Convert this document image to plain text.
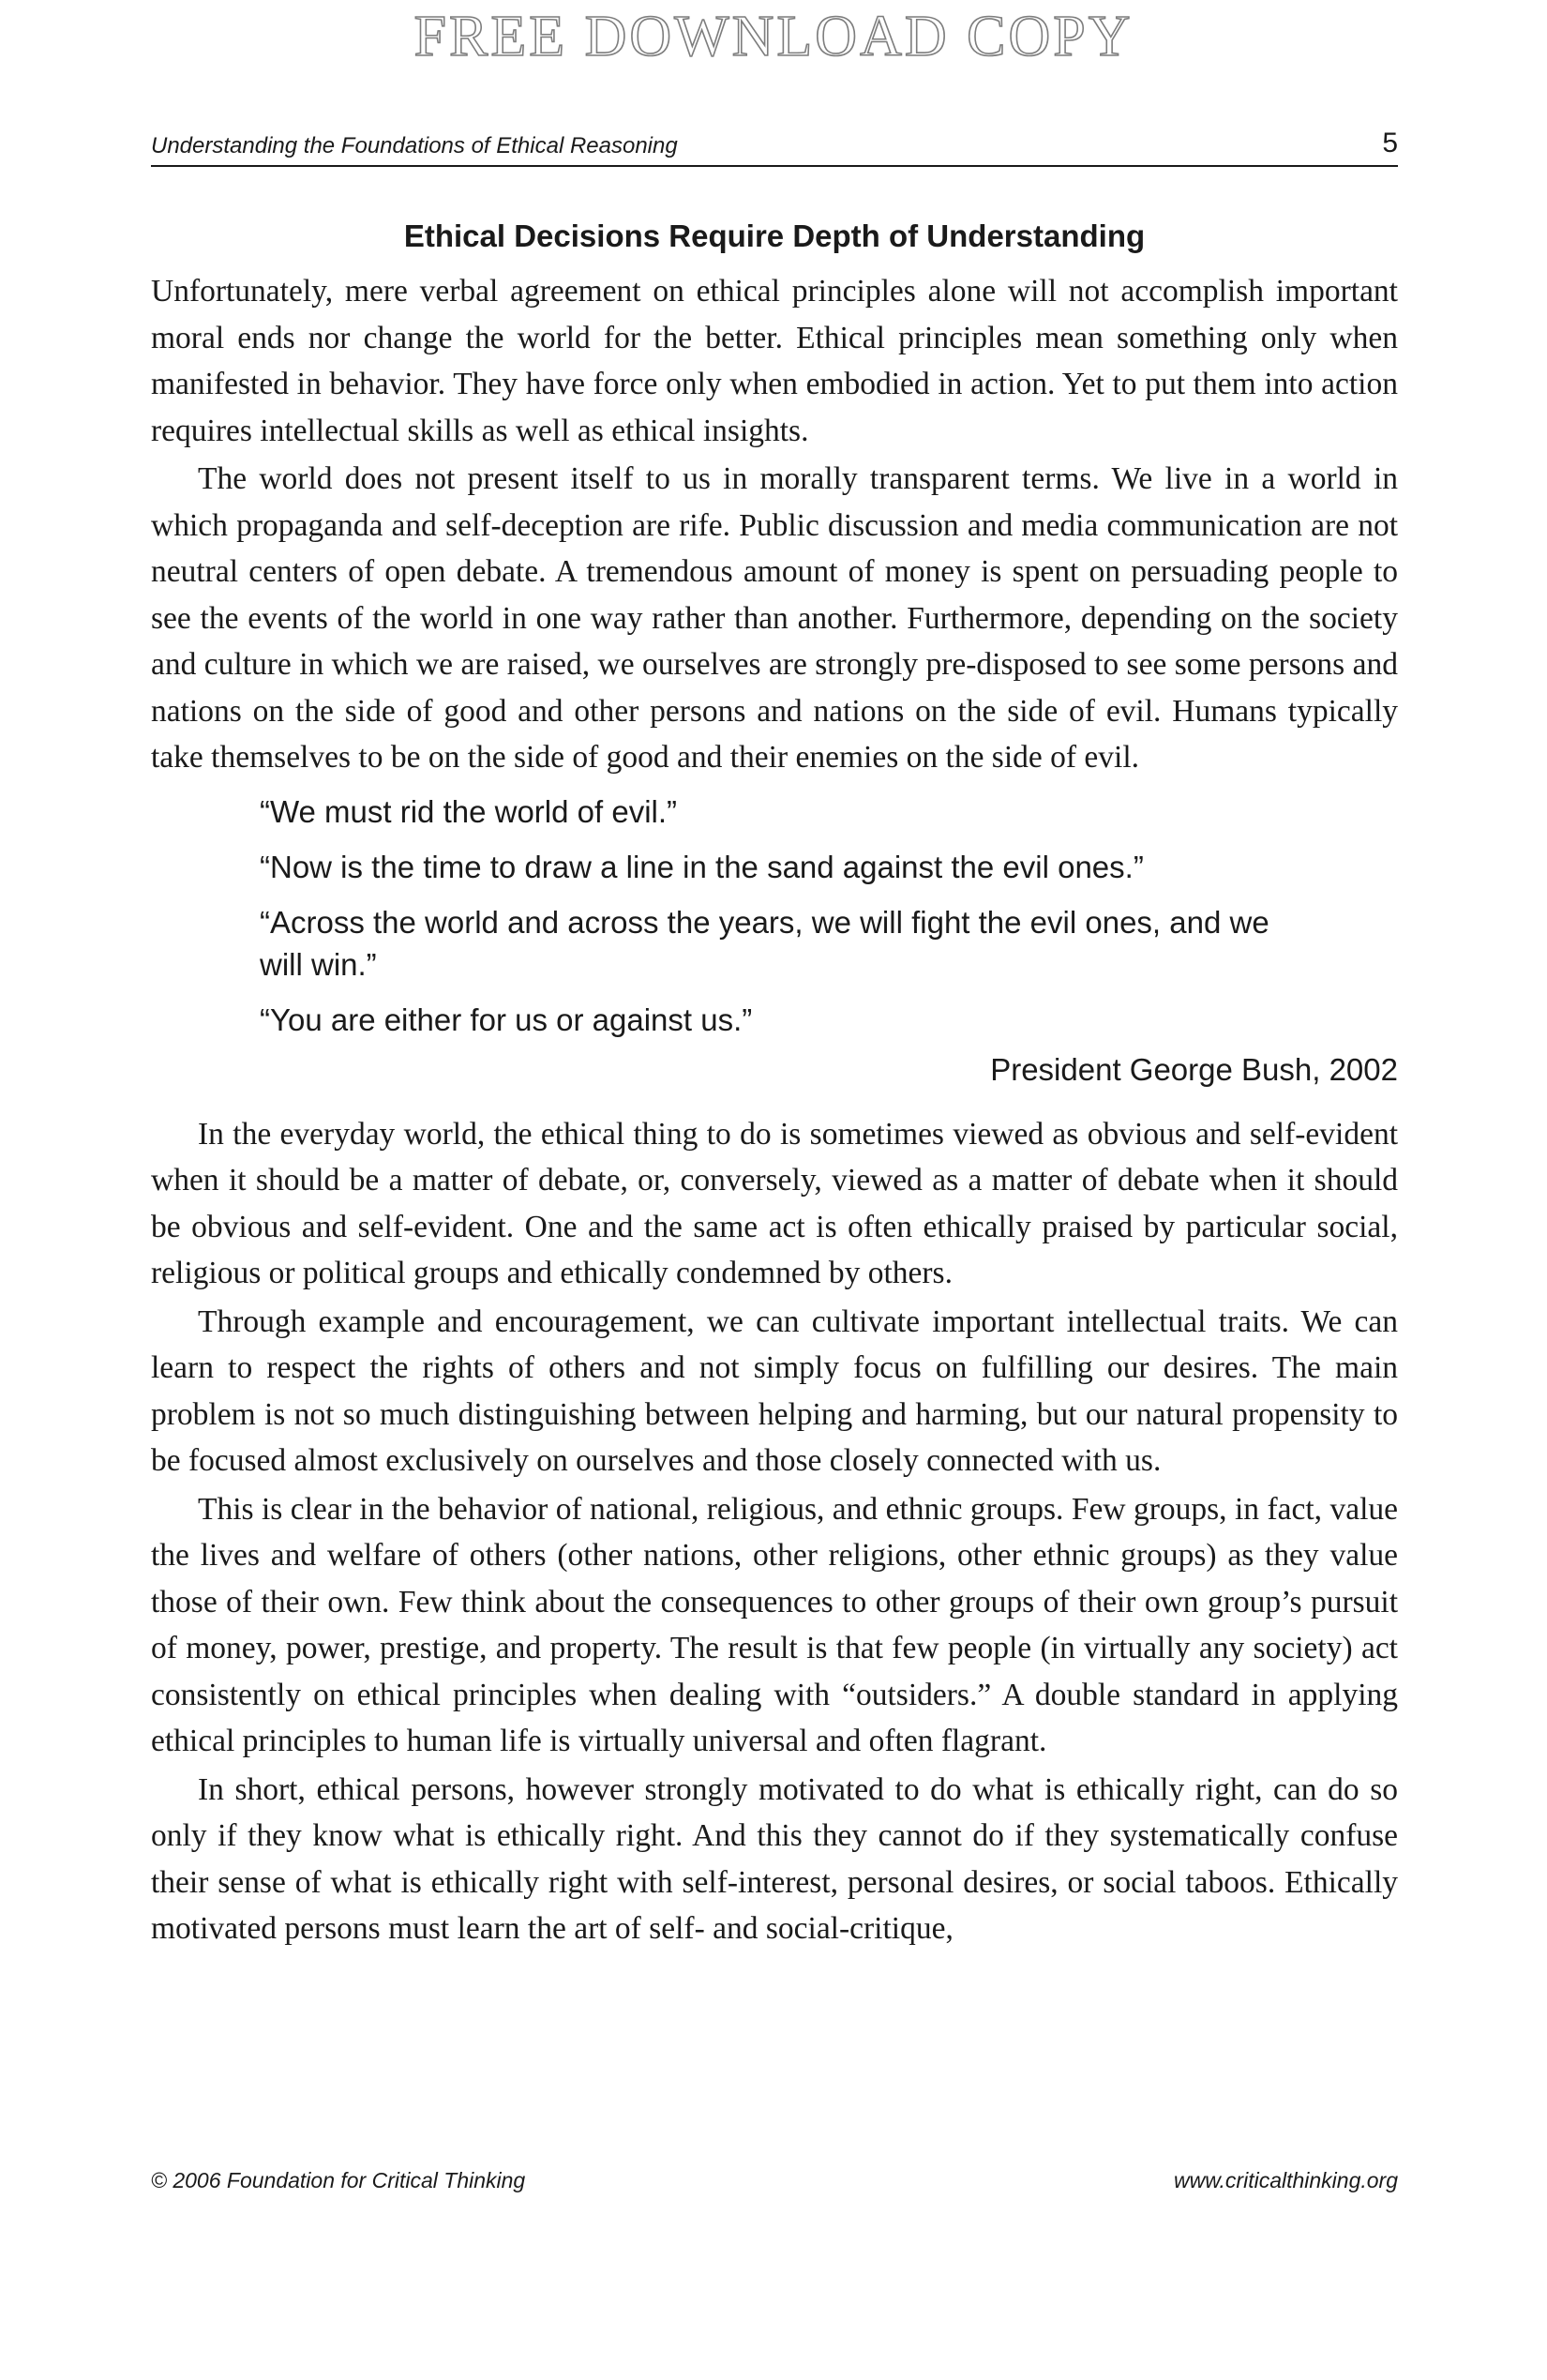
FREE DOWNLOAD COPY
Understanding the Foundations of Ethical Reasoning	5
Ethical Decisions Require Depth of Understanding

Unfortunately, mere verbal agreement on ethical principles alone will not accomplish important moral ends nor change the world for the better. Ethical principles mean something only when manifested in behavior. They have force only when embodied in action. Yet to put them into action requires intellectual skills as well as ethical insights.

The world does not present itself to us in morally transparent terms. We live in a world in which propaganda and self-deception are rife. Public discussion and media communication are not neutral centers of open debate. A tremendous amount of money is spent on persuading people to see the events of the world in one way rather than another. Furthermore, depending on the society and culture in which we are raised, we ourselves are strongly pre-disposed to see some persons and nations on the side of good and other persons and nations on the side of evil. Humans typically take themselves to be on the side of good and their enemies on the side of evil.

“We must rid the world of evil.”
“Now is the time to draw a line in the sand against the evil ones.”
“Across the world and across the years, we will fight the evil ones, and we will win.”
“You are either for us or against us.”
President George Bush, 2002

In the everyday world, the ethical thing to do is sometimes viewed as obvious and self-evident when it should be a matter of debate, or, conversely, viewed as a matter of debate when it should be obvious and self-evident. One and the same act is often ethically praised by particular social, religious or political groups and ethically condemned by others.

Through example and encouragement, we can cultivate important intellectual traits. We can learn to respect the rights of others and not simply focus on fulfilling our desires. The main problem is not so much distinguishing between helping and harming, but our natural propensity to be focused almost exclusively on ourselves and those closely connected with us.

This is clear in the behavior of national, religious, and ethnic groups. Few groups, in fact, value the lives and welfare of others (other nations, other religions, other ethnic groups) as they value those of their own. Few think about the consequences to other groups of their own group’s pursuit of money, power, prestige, and property. The result is that few people (in virtually any society) act consistently on ethical principles when dealing with “outsiders.” A double standard in applying ethical principles to human life is virtually universal and often flagrant.

In short, ethical persons, however strongly motivated to do what is ethically right, can do so only if they know what is ethically right. And this they cannot do if they systematically confuse their sense of what is ethically right with self-interest, personal desires, or social taboos. Ethically motivated persons must learn the art of self- and social-critique,

© 2006 Foundation for Critical Thinking	www.criticalthinking.org
